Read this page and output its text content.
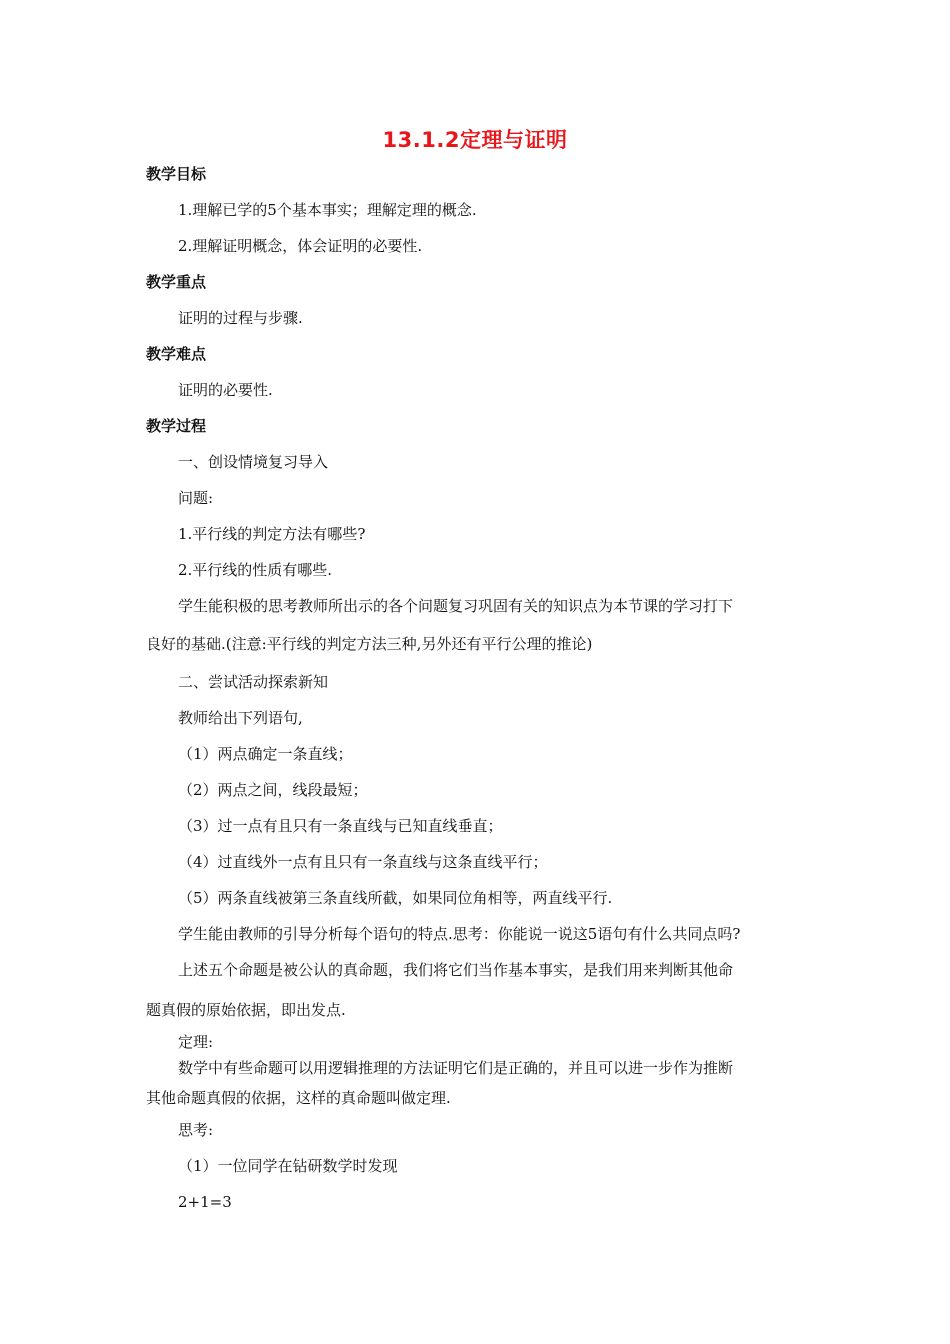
13.1.2定理与证明
教学目标
1.理解已学的5个基本事实；理解定理的概念.
2.理解证明概念，体会证明的必要性.
教学重点
证明的过程与步骤.
教学难点
证明的必要性.
教学过程
一、创设情境复习导入
问题:
1.平行线的判定方法有哪些?
2.平行线的性质有哪些.
学生能积极的思考教师所出示的各个问题复习巩固有关的知识点为本节课的学习打下
良好的基础.(注意:平行线的判定方法三种,另外还有平行公理的推论)
二、尝试活动探索新知
教师给出下列语句,
（1）两点确定一条直线；
（2）两点之间，线段最短；
（3）过一点有且只有一条直线与已知直线垂直；
（4）过直线外一点有且只有一条直线与这条直线平行；
（5）两条直线被第三条直线所截，如果同位角相等，两直线平行.
学生能由教师的引导分析每个语句的特点.思考：你能说一说这5语句有什么共同点吗?
上述五个命题是被公认的真命题，我们将它们当作基本事实，是我们用来判断其他命
题真假的原始依据，即出发点.
定理:
数学中有些命题可以用逻辑推理的方法证明它们是正确的，并且可以进一步作为推断
其他命题真假的依据，这样的真命题叫做定理.
思考:
（1）一位同学在钻研数学时发现
2+1=3
